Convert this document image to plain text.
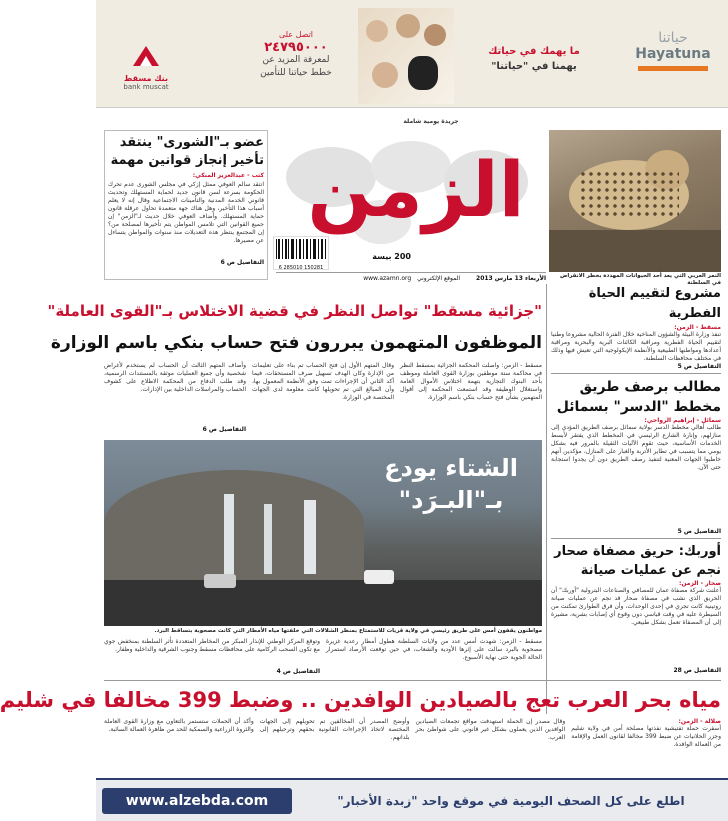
بنك مسقط
bank muscat
اتصل على
٢٤٧٩٥٠٠٠
لمعرفة المزيد عن
خطط حياتنا للتأمين
ما يهمك في حياتك
يهمنا في "حياتنا"
حياتنا
Hayatuna
جريدة يومية شاملة
الزمن
200 بيسة
6 285010 150281
الأربعاء 13 مارس 2013 الموقع الإلكتروني www.azamn.org
عضو بـ"الشورى" ينتقد
تأخير إنجاز قوانين مهمة
كتب - عبدالعزيز المنكي:
انتقد سالم العوفي ممثل إزكي في مجلس الشورى عدم تحرك الحكومة بسرعة لسن قانون جديد لحماية المستهلك وتحديث قانوني الخدمة المدنية والتأمينات الاجتماعية وقال إنه لا يعلم أسباب هذا التأخير، وهل هناك جهة متعمدة تحاول عرقلة قانون حماية المستهلك. وأضاف العوفي خلال حديث لـ"الزمن" إن جميع القوانين التي تلامس المواطن يتم تأخيرها لمصلحة من؟ إن المجتمع ينتظر هذه التعديلات منذ سنوات والمواطن يتساءل عن مصيرها.
التفاصيل ص 6
النمر العربي التي يعد أحد الحيوانات المهددة بخطر الانقراض في السلطنة
مشروع لتقييم الحياة الفطرية
مسقط - الزمن:
تنفذ وزارة البيئة والشؤون المناخية خلال الفترة الحالية مشروعا وطنيا لتقييم الحياة الفطرية ومراقبة الكائنات البرية والبحرية ومراقبة أعدادها ومواطنها الطبيعية والأنظمة الإيكولوجية التي تعيش فيها وذلك في مختلف محافظات السلطنة.
التفاصيل ص 5
مطالب برصف طريق
مخطط "الدسر" بسمائل
سمائل - إبراهيم الرواحي:
طالب أهالي مخطط الدسر بولاية سمائل برصف الطريق المؤدي إلى منازلهم، وإنارة الشارع الرئيسي في المخطط الذي يفتقر لأبسط الخدمات الأساسية، حيث تقوم الآليات الثقيلة بالمرور فيه بشكل يومي مما يتسبب في تطاير الأتربة والغبار على المنازل، مؤكدين أنهم خاطبوا الجهات المعنية لتنفيذ رصف الطريق دون أن يجدوا استجابة حتى الآن.
التفاصيل ص 5
أوربك: حريق مصفاة صحار
نجم عن عمليات صيانة
صحار - الزمن:
أعلنت شركة مصفاة عمان للمصافي والصناعات البترولية "أوربك" أن الحريق الذي نشب في مصفاة صحار قد نجم عن عمليات صيانة روتينية كانت تجري في إحدى الوحدات، وأن فرق الطوارئ تمكنت من السيطرة عليه في وقت قياسي دون وقوع أي إصابات بشرية، مشيرة إلى أن المصفاة تعمل بشكل طبيعي.
التفاصيل ص 28
"جزائية مسقط" تواصل النظر في قضية الاختلاس بـ"القوى العاملة"
الموظفون المتهمون يبررون فتح حساب بنكي باسم الوزارة
مسقط - الزمن: واصلت المحكمة الجزائية بمسقط النظر في محاكمة ستة موظفين بوزارة القوى العاملة وموظف بأحد البنوك التجارية بتهمة اختلاس الأموال العامة واستغلال الوظيفة وقد استمعت المحكمة إلى أقوال المتهمين بشأن فتح حساب بنكي باسم الوزارة.
وقال المتهم الأول إن فتح الحساب تم بناء على تعليمات من الإدارة وكان الهدف تسهيل صرف المستحقات، فيما أكد الثاني أن الإجراءات تمت وفق الأنظمة المعمول بها، وأن المبالغ التي تم تحويلها كانت معلومة لدى الجهات المختصة في الوزارة.
وأضاف المتهم الثالث أن الحساب لم يستخدم لأغراض شخصية وأن جميع العمليات موثقة بالمستندات الرسمية، وقد طلب الدفاع من المحكمة الاطلاع على كشوف الحساب والمراسلات الداخلية بين الإدارات.
التفاصيل ص 6
الشتاء يودع
بـ"البـرَد"
مواطنون يقفون أمس على طريق رئيسي في ولاية قريات للاستمتاع بمنظر الشلالات التي خلفتها مياه الأمطار التي كانت مصحوبة بتساقط البرد.
مسقط - الزمن: شهدت أمس عدد من ولايات السلطنة هطول أمطار رعدية غزيرة مصحوبة بالبرد سالت على إثرها الأودية والشعاب، في حين توقعت الأرصاد استمرار الحالة الجوية حتى نهاية الأسبوع.
وتوقع المركز الوطني للإنذار المبكر من المخاطر المتعددة تأثر السلطنة بمنخفض جوي مع تكون السحب الركامية على محافظات مسقط وجنوب الشرقية والداخلية وظفار.
التفاصيل ص 4
مياه بحر العرب تعج بالصيادين الوافدين .. وضبط 399 مخالفا في شليم
صلالة - الزمن:
أسفرت حملة تفتيشية نفذتها مصلحة أمن في ولاية شليم وجزر الحلانيات عن ضبط 399 مخالفا لقانون العمل والإقامة من العمالة الوافدة.
وقال مصدر إن الحملة استهدفت مواقع تجمعات الصيادين الوافدين الذين يعملون بشكل غير قانوني على شواطئ بحر العرب.
وأوضح المصدر أن المخالفين تم تحويلهم إلى الجهات المختصة لاتخاذ الإجراءات القانونية بحقهم وترحيلهم إلى بلدانهم.
وأكد أن الحملات ستستمر بالتعاون مع وزارة القوى العاملة والثروة الزراعية والسمكية للحد من ظاهرة العمالة السائبة.
www.alzebda.com	اطلع على كل الصحف اليومية في موقع واحد "زبدة الأخبار"
